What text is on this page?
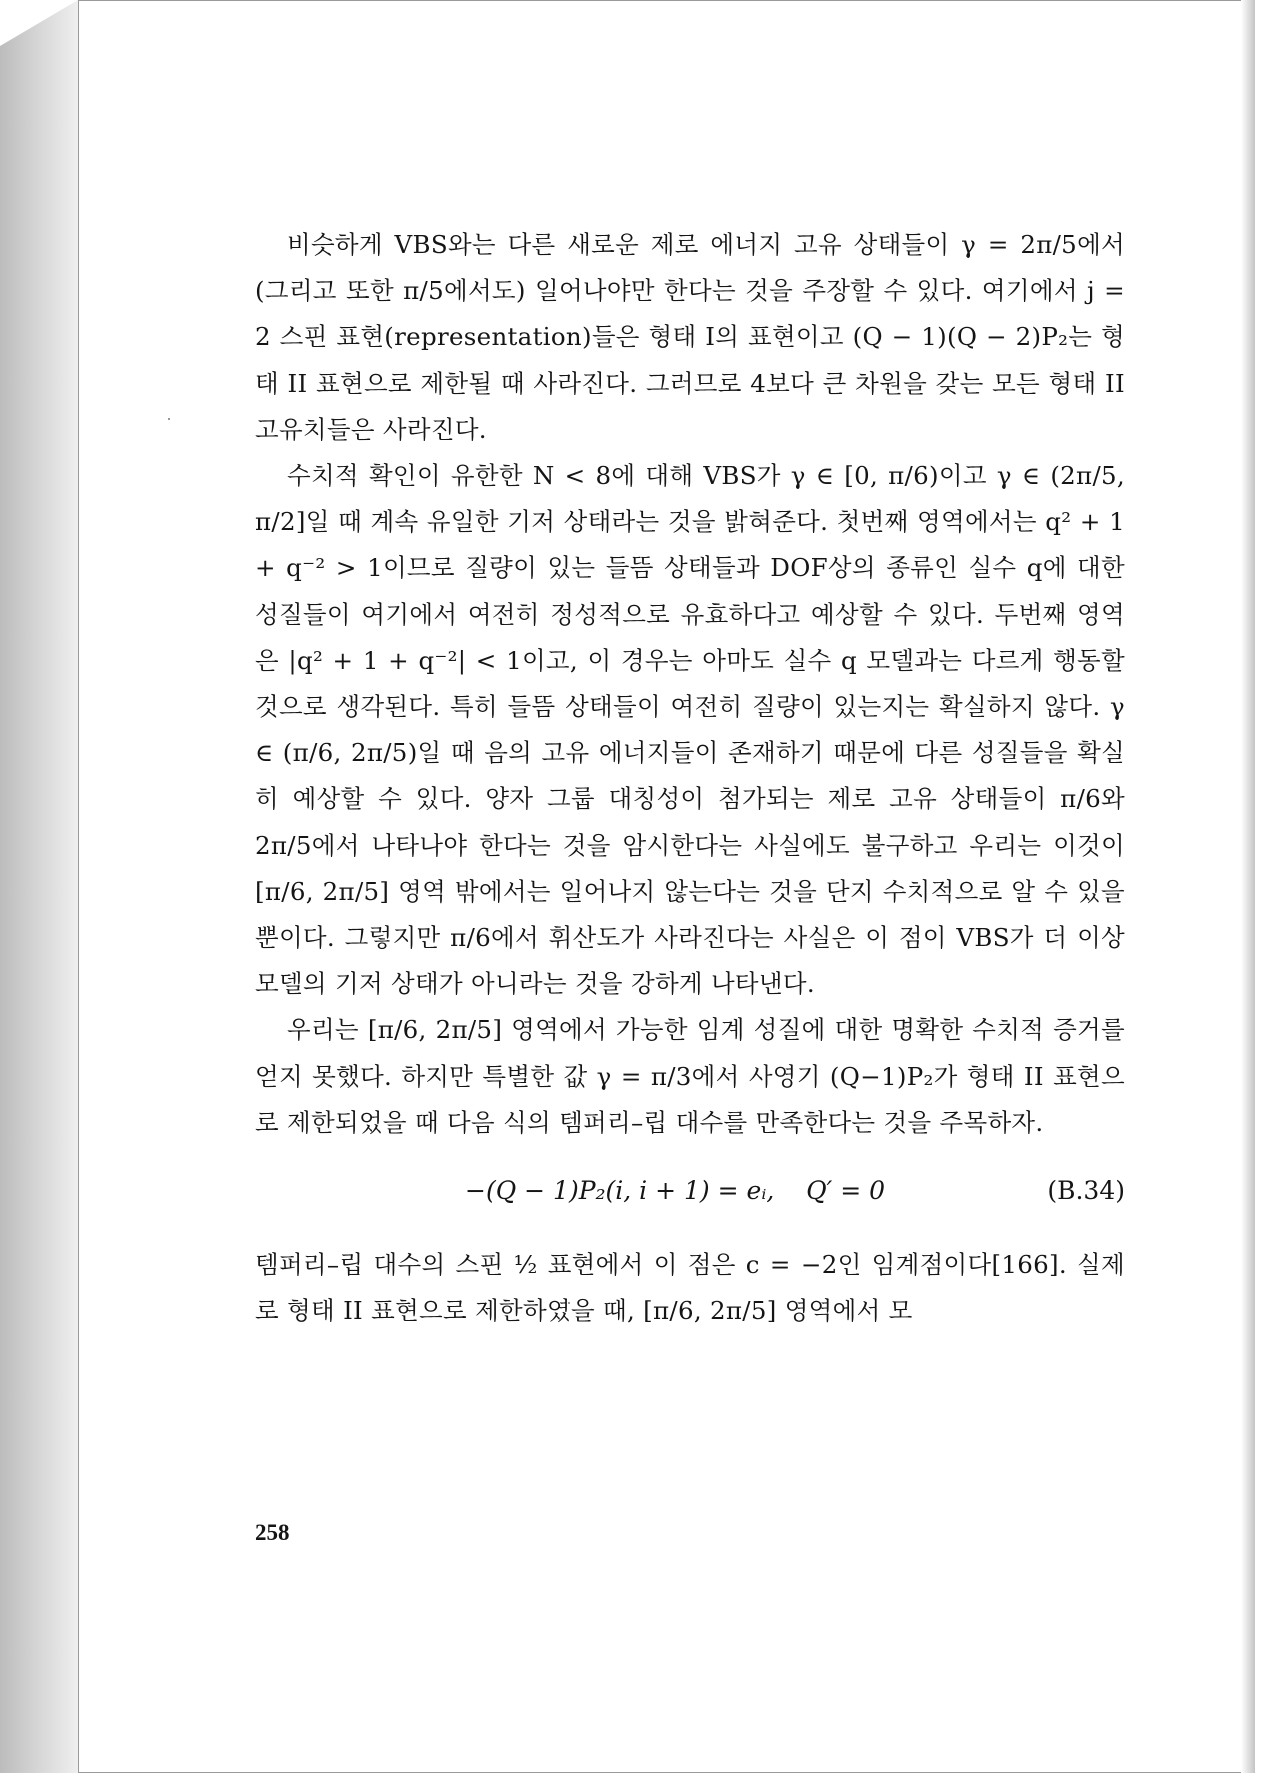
비슷하게 VBS와는 다른 새로운 제로 에너지 고유 상태들이 γ = 2π/5에서 (그리고 또한 π/5에서도) 일어나야만 한다는 것을 주장할 수 있다. 여기에서 j = 2 스핀 표현(representation)들은 형태 I의 표현이고 (Q − 1)(Q − 2)P₂는 형태 II 표현으로 제한될 때 사라진다. 그러므로 4보다 큰 차원을 갖는 모든 형태 II 고유치들은 사라진다.

수치적 확인이 유한한 N < 8에 대해 VBS가 γ ∈ [0, π/6)이고 γ ∈ (2π/5, π/2]일 때 계속 유일한 기저 상태라는 것을 밝혀준다. 첫번째 영역에서는 q² + 1 + q⁻² > 1이므로 질량이 있는 들뜸 상태들과 DOF상의 종류인 실수 q에 대한 성질들이 여기에서 여전히 정성적으로 유효하다고 예상할 수 있다. 두번째 영역은 |q² + 1 + q⁻²| < 1이고, 이 경우는 아마도 실수 q 모델과는 다르게 행동할 것으로 생각된다. 특히 들뜸 상태들이 여전히 질량이 있는지는 확실하지 않다. γ ∈ (π/6, 2π/5)일 때 음의 고유 에너지들이 존재하기 때문에 다른 성질들을 확실히 예상할 수 있다. 양자 그룹 대칭성이 첨가되는 제로 고유 상태들이 π/6와 2π/5에서 나타나야 한다는 것을 암시한다는 사실에도 불구하고 우리는 이것이 [π/6, 2π/5] 영역 밖에서는 일어나지 않는다는 것을 단지 수치적으로 알 수 있을 뿐이다. 그렇지만 π/6에서 휘산도가 사라진다는 사실은 이 점이 VBS가 더 이상 모델의 기저 상태가 아니라는 것을 강하게 나타낸다.

우리는 [π/6, 2π/5] 영역에서 가능한 임계 성질에 대한 명확한 수치적 증거를 얻지 못했다. 하지만 특별한 값 γ = π/3에서 사영기 (Q−1)P₂가 형태 II 표현으로 제한되었을 때 다음 식의 템퍼리–립 대수를 만족한다는 것을 주목하자.

−(Q − 1)P₂(i, i + 1) = eᵢ,    Q′ = 0	(B.34)

템퍼리–립 대수의 스핀 ½ 표현에서 이 점은 c = −2인 임계점이다[166]. 실제로 형태 II 표현으로 제한하였을 때, [π/6, 2π/5] 영역에서 모

258
